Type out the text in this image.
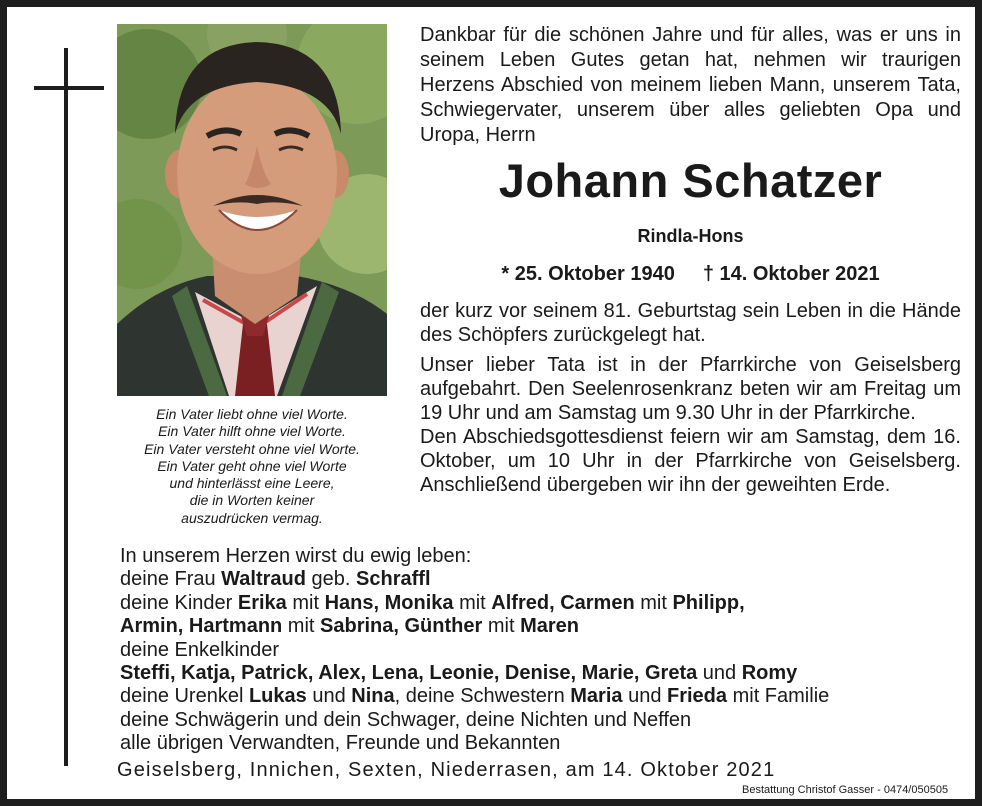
Ein Vater liebt ohne viel Worte.
Ein Vater hilft ohne viel Worte.
Ein Vater versteht ohne viel Worte.
Ein Vater geht ohne viel Worte
und hinterlässt eine Leere,
die in Worten keiner
auszudrücken vermag.
Dankbar für die schönen Jahre und für alles, was er uns in seinem Leben Gutes getan hat, nehmen wir traurigen Herzens Abschied von meinem lieben Mann, unserem Tata, Schwiegervater, unserem über alles geliebten Opa und Uropa, Herrn
Johann Schatzer
Rindla-Hons
* 25. Oktober 1940 † 14. Oktober 2021

der kurz vor seinem 81. Geburtstag sein Leben in die Hände des Schöpfers zurückgelegt hat.

Unser lieber Tata ist in der Pfarrkirche von Geiselsberg aufgebahrt. Den Seelenrosenkranz beten wir am Freitag um 19 Uhr und am Samstag um 9.30 Uhr in der Pfarrkirche.

Den Abschiedsgottesdienst feiern wir am Samstag, dem 16. Oktober, um 10 Uhr in der Pfarrkirche von Geiselsberg. Anschließend übergeben wir ihn der geweihten Erde.

In unserem Herzen wirst du ewig leben:
deine Frau Waltraud geb. Schraffl
deine Kinder Erika mit Hans, Monika mit Alfred, Carmen mit Philipp,
Armin, Hartmann mit Sabrina, Günther mit Maren
deine Enkelkinder
Steffi, Katja, Patrick, Alex, Lena, Leonie, Denise, Marie, Greta und Romy
deine Urenkel Lukas und Nina, deine Schwestern Maria und Frieda mit Familie
deine Schwägerin und dein Schwager, deine Nichten und Neffen
alle übrigen Verwandten, Freunde und Bekannten
Geiselsberg, Innichen, Sexten, Niederrasen, am 14. Oktober 2021
Bestattung Christof Gasser - 0474/050505
